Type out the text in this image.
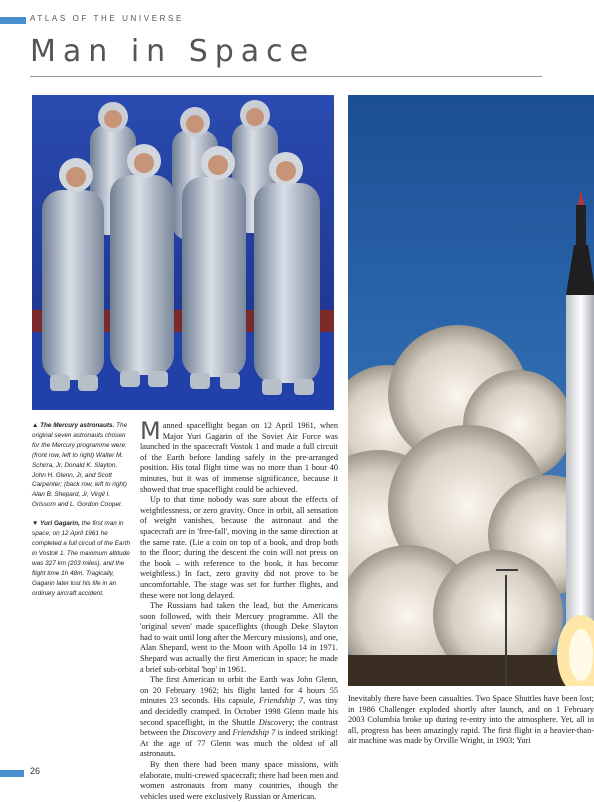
ATLAS OF THE UNIVERSE
Man in Space

▲ The Mercury astronauts. The original seven astronauts chosen for the Mercury programme were: (front row, left to right) Walter M. Schirra, Jr, Donald K. Slayton, John H. Glenn, Jr, and Scott Carpenter; (back row, left to right) Alan B. Shepard, Jr, Virgil I. Grissom and L. Gordon Cooper.

▼ Yuri Gagarin, the first man in space; on 12 April 1961 he completed a full circuit of the Earth in Vostok 1. The maximum altitude was 327 km (203 miles), and the flight time 1h 48m. Tragically, Gagarin later lost his life in an ordinary aircraft accident.

Manned spaceflight began on 12 April 1961, when Major Yuri Gagarin of the Soviet Air Force was launched in the spacecraft Vostok 1 and made a full circuit of the Earth before landing safely in the pre-arranged position. His total flight time was no more than 1 hour 40 minutes, but it was of immense significance, because it showed that true spaceflight could be achieved.

Up to that time nobody was sure about the effects of weightlessness, or zero gravity. Once in orbit, all sensation of weight vanishes, because the astronaut and the spacecraft are in 'free-fall', moving in the same direction at the same rate. (Lie a coin on top of a book, and drop both to the floor; during the descent the coin will not press on the book – with reference to the book, it has become weightless.) In fact, zero gravity did not prove to be uncomfortable. The stage was set for further flights, and these were not long delayed.

The Russians had taken the lead, but the Americans soon followed, with their Mercury programme. All the 'original seven' made spaceflights (though Deke Slayton had to wait until long after the Mercury missions), and one, Alan Shepard, went to the Moon with Apollo 14 in 1971. Shepard was actually the first American in space; he made a brief sub-orbital 'hop' in 1961.

The first American to orbit the Earth was John Glenn, on 20 February 1962; his flight lasted for 4 hours 55 minutes 23 seconds. His capsule, Friendship 7, was tiny and decidedly cramped. In October 1998 Glenn made his second spaceflight, in the Shuttle Discovery; the contrast between the Discovery and Friendship 7 is indeed striking! At the age of 77 Glenn was much the oldest of all astronauts.

By then there had been many space missions, with elaborate, multi-crewed spacecraft; there had been men and women astronauts from many countries, though the vehicles used were exclusively Russian or American.

Inevitably there have been casualties. Two Space Shuttles have been lost; in 1986 Challenger exploded shortly after launch, and on 1 February 2003 Columbia broke up during re-entry into the atmosphere. Yet, all in all, progress has been amazingly rapid. The first flight in a heavier-than-air machine was made by Orville Wright, in 1903; Yuri

26
